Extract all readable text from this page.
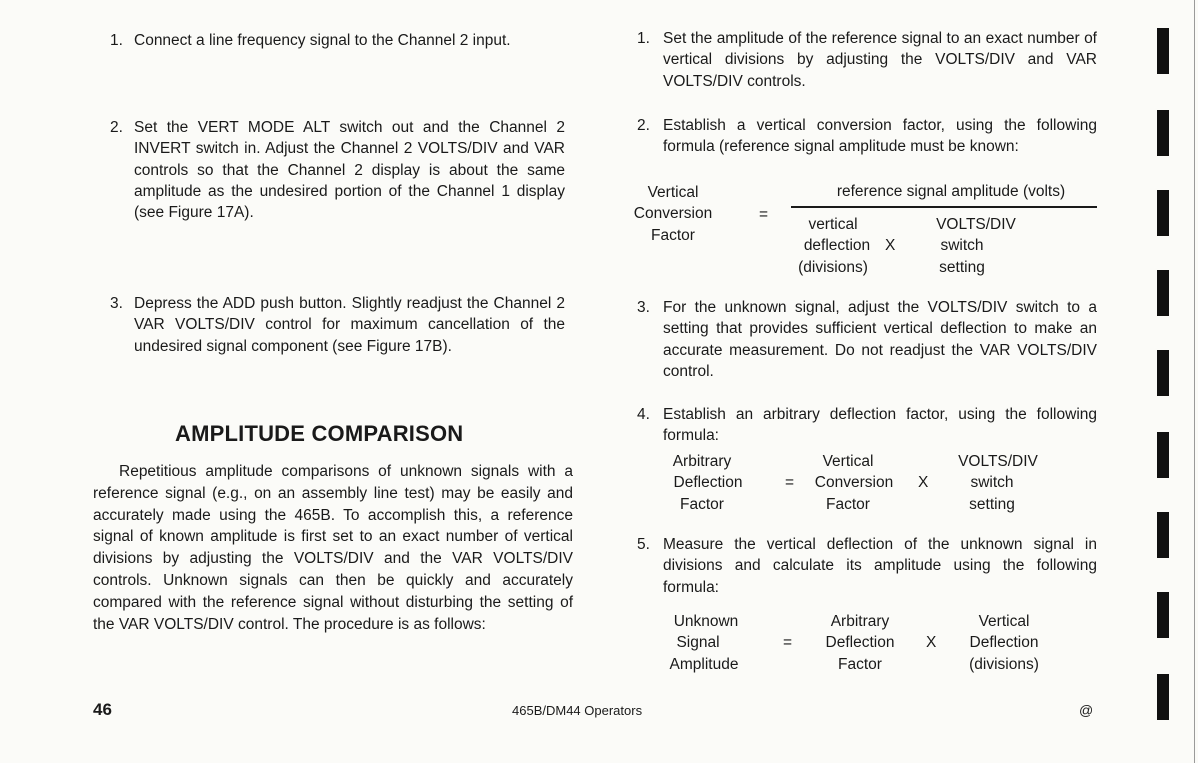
1. Connect a line frequency signal to the Channel 2 input.
2. Set the VERT MODE ALT switch out and the Channel 2 INVERT switch in. Adjust the Channel 2 VOLTS/DIV and VAR controls so that the Channel 2 display is about the same amplitude as the undesired portion of the Channel 1 display (see Figure 17A).
3. Depress the ADD push button. Slightly readjust the Channel 2 VAR VOLTS/DIV control for maximum cancellation of the undesired signal component (see Figure 17B).
AMPLITUDE COMPARISON
Repetitious amplitude comparisons of unknown signals with a reference signal (e.g., on an assembly line test) may be easily and accurately made using the 465B. To accomplish this, a reference signal of known amplitude is first set to an exact number of vertical divisions by adjusting the VOLTS/DIV and the VAR VOLTS/DIV controls. Unknown signals can then be quickly and accurately compared with the reference signal without disturbing the setting of the VAR VOLTS/DIV control. The procedure is as follows:
1. Set the amplitude of the reference signal to an exact number of vertical divisions by adjusting the VOLTS/DIV and VAR VOLTS/DIV controls.
2. Establish a vertical conversion factor, using the following formula (reference signal amplitude must be known:
Vertical
Conversion
Factor
=
reference signal amplitude (volts)
vertical
deflection
(divisions)
X
VOLTS/DIV
switch
setting
3. For the unknown signal, adjust the VOLTS/DIV switch to a setting that provides sufficient vertical deflection to make an accurate measurement. Do not readjust the VAR VOLTS/DIV control.
4. Establish an arbitrary deflection factor, using the following formula:
Arbitrary
Deflection
Factor
=
Vertical
Conversion
Factor
X
VOLTS/DIV
switch
setting
5. Measure the vertical deflection of the unknown signal in divisions and calculate its amplitude using the following formula:
Unknown
Signal
Amplitude
=
Arbitrary
Deflection
Factor
X
Vertical
Deflection
(divisions)
46	465B/DM44 Operators	@
